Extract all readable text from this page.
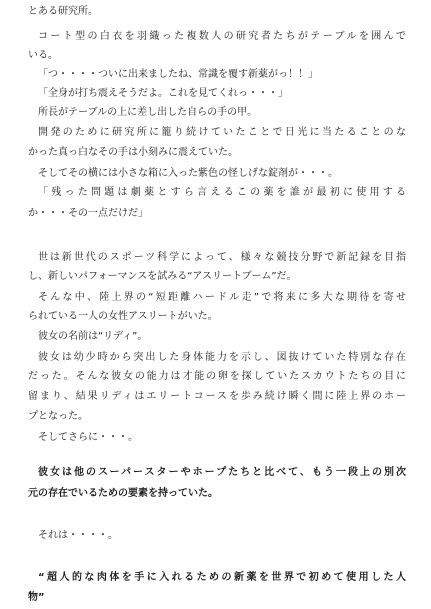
とある研究所。
コート型の白衣を羽織った複数人の研究者たちがテーブルを囲んで
いる。
「つ・・・・ついに出来ましたね、常識を覆す新薬がっ！！」
「全身が打ち震えそうだよ。これを見てくれっ・・・」
所長がテーブルの上に差し出した自らの手の甲。
開発のために研究所に籠り続けていたことで日光に当たることのな
かった真っ白なその手は小刻みに震えていた。
そしてその横には小さな箱に入った紫色の怪しげな錠剤が・・・。
「残った問題は劇薬とすら言えるこの薬を誰が最初に使用する
か・・・その一点だけだ」
世は新世代のスポーツ科学によって、様々な競技分野で新記録を目指
し、新しいパフォーマンスを試みる“アスリートブーム”だ。
そんな中、陸上界の“短距離ハードル走”で将来に多大な期待を寄せ
られている一人の女性アスリートがいた。
彼女の名前は“リディ”。
彼女は幼少時から突出した身体能力を示し、図抜けていた特別な存在
だった。そんな彼女の能力は才能の卵を探していたスカウトたちの目に
留まり、結果リディはエリートコースを歩み続け瞬く間に陸上界のホー
プとなった。
そしてさらに・・・。
彼女は他のスーパースターやホープたちと比べて、もう一段上の別次
元の存在でいるための要素を持っていた。
それは・・・・。
“超人的な肉体を手に入れるための新薬を世界で初めて使用した人
物”
